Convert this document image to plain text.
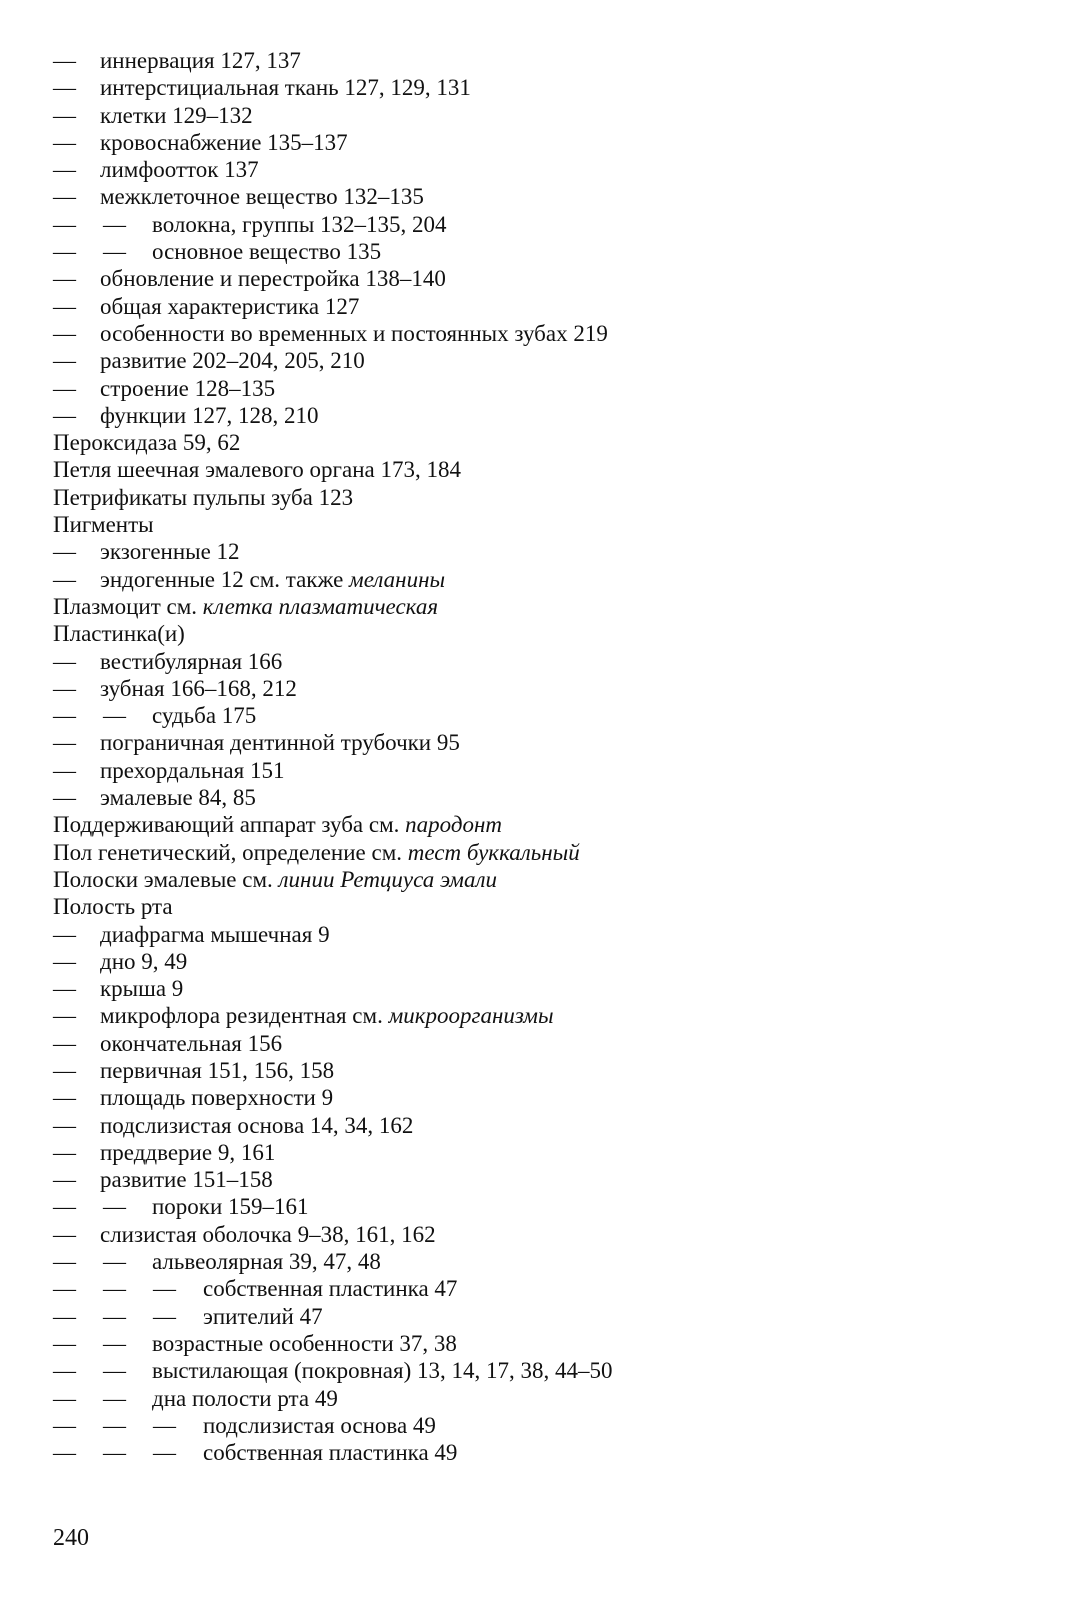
— иннервация 127, 137
— интерстициальная ткань 127, 129, 131
— клетки 129–132
— кровоснабжение 135–137
— лимфоотток 137
— межклеточное вещество 132–135
— — волокна, группы 132–135, 204
— — основное вещество 135
— обновление и перестройка 138–140
— общая характеристика 127
— особенности во временных и постоянных зубах 219
— развитие 202–204, 205, 210
— строение 128–135
— функции 127, 128, 210
Пероксидаза 59, 62
Петля шеечная эмалевого органа 173, 184
Петрификаты пульпы зуба 123
Пигменты
— экзогенные 12
— эндогенные 12 см. также меланины
Плазмоцит см. клетка плазматическая
Пластинка(и)
— вестибулярная 166
— зубная 166–168, 212
— — судьба 175
— пограничная дентинной трубочки 95
— прехордальная 151
— эмалевые 84, 85
Поддерживающий аппарат зуба см. пародонт
Пол генетический, определение см. тест буккальный
Полоски эмалевые см. линии Ретциуса эмали
Полость рта
— диафрагма мышечная 9
— дно 9, 49
— крыша 9
— микрофлора резидентная см. микроорганизмы
— окончательная 156
— первичная 151, 156, 158
— площадь поверхности 9
— подслизистая основа 14, 34, 162
— преддверие 9, 161
— развитие 151–158
— — пороки 159–161
— слизистая оболочка 9–38, 161, 162
— — альвеолярная 39, 47, 48
— — — собственная пластинка 47
— — — эпителий 47
— — возрастные особенности 37, 38
— — выстилающая (покровная) 13, 14, 17, 38, 44–50
— — дна полости рта 49
— — — подслизистая основа 49
— — — собственная пластинка 49
240
